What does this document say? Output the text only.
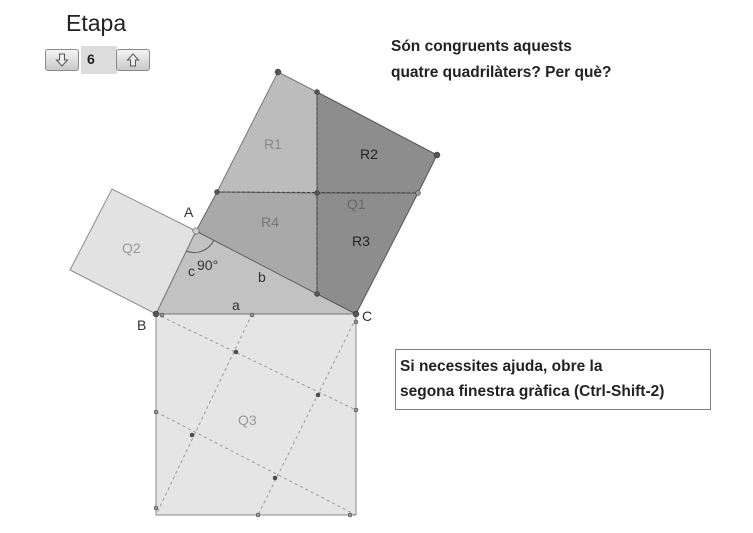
Etapa
6
Són congruents aquests
quatre quadrilàters? Per què?
Si necessites ajuda, obre la
segona finestra gràfica (Ctrl-Shift-2)
A
B
C
a
b
c 90°
R1
R2
R4
Q1
R3
Q2
Q3
